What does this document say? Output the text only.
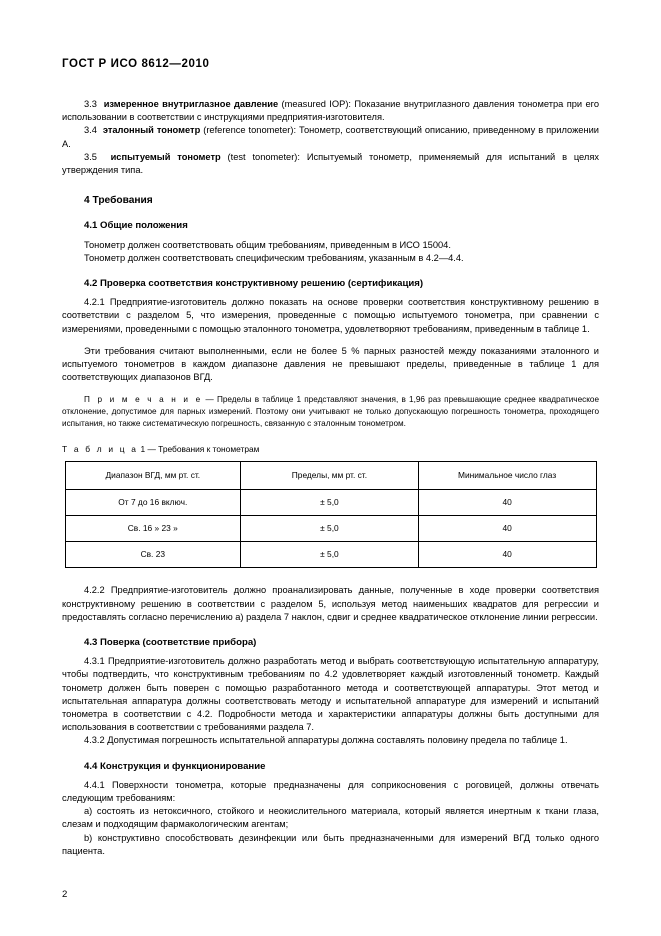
ГОСТ Р ИСО 8612—2010

3.3 измеренное внутриглазное давление (measured IOP): Показание внутриглазного давления тонометра при его использовании в соответствии с инструкциями предприятия-изготовителя.

3.4 эталонный тонометр (reference tonometer): Тонометр, соответствующий описанию, приведенному в приложении А.

3.5 испытуемый тонометр (test tonometer): Испытуемый тонометр, применяемый для испытаний в целях утверждения типа.

4 Требования

4.1 Общие положения

Тонометр должен соответствовать общим требованиям, приведенным в ИСО 15004.

Тонометр должен соответствовать специфическим требованиям, указанным в 4.2—4.4.

4.2 Проверка соответствия конструктивному решению (сертификация)

4.2.1 Предприятие-изготовитель должно показать на основе проверки соответствия конструктивному решению в соответствии с разделом 5, что измерения, проведенные с помощью испытуемого тонометра, при сравнении с измерениями, проведенными с помощью эталонного тонометра, удовлетворяют требованиям, приведенным в таблице 1.

Эти требования считают выполненными, если не более 5 % парных разностей между показаниями эталонного и испытуемого тонометров в каждом диапазоне давления не превышают пределы, приведенные в таблице 1 для соответствующих диапазонов ВГД.

П р и м е ч а н и е — Пределы в таблице 1 представляют значения, в 1,96 раз превышающие среднее квадратическое отклонение, допустимое для парных измерений. Поэтому они учитывают не только допускающую погрешность тонометра, проходящего испытания, но также систематическую погрешность, связанную с эталонным тонометром.

Т а б л и ц а 1 — Требования к тонометрам

Диапазон ВГД, мм рт. ст.	Пределы, мм рт. ст.	Минимальное число глаз
От 7 до 16 включ.	± 5,0	40
Св. 16 » 23 »	± 5,0	40
Св. 23	± 5,0	40

4.2.2 Предприятие-изготовитель должно проанализировать данные, полученные в ходе проверки соответствия конструктивному решению в соответствии с разделом 5, используя метод наименьших квадратов для регрессии и предоставлять согласно перечислению а) раздела 7 наклон, сдвиг и среднее квадратическое отклонение линии регрессии.

4.3 Поверка (соответствие прибора)

4.3.1 Предприятие-изготовитель должно разработать метод и выбрать соответствующую испытательную аппаратуру, чтобы подтвердить, что конструктивным требованиям по 4.2 удовлетворяет каждый изготовленный тонометр. Каждый тонометр должен быть поверен с помощью разработанного метода и соответствующей аппаратуры. Этот метод и испытательная аппаратура должны соответствовать методу и испытательной аппаратуре для измерений и испытаний тонометра в соответствии с 4.2. Подробности метода и характеристики аппаратуры должны быть доступными для использования в соответствии с требованиями раздела 7.

4.3.2 Допустимая погрешность испытательной аппаратуры должна составлять половину предела по таблице 1.

4.4 Конструкция и функционирование

4.4.1 Поверхности тонометра, которые предназначены для соприкосновения с роговицей, должны отвечать следующим требованиям:

a) состоять из нетоксичного, стойкого и неокислительного материала, который является инертным к ткани глаза, слезам и подходящим фармакологическим агентам;

b) конструктивно способствовать дезинфекции или быть предназначенными для измерений ВГД только одного пациента.

2
